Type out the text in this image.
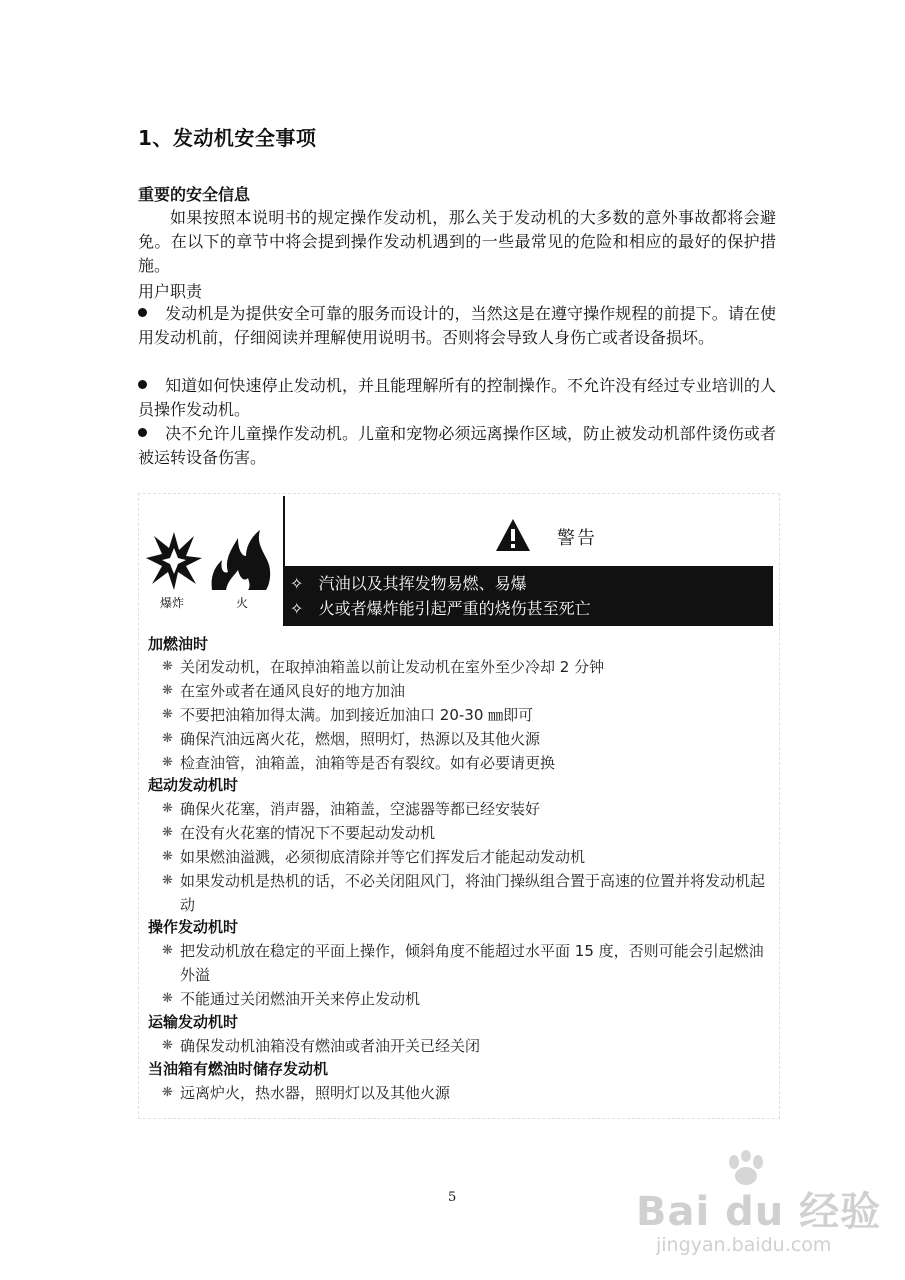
1、发动机安全事项
重要的安全信息
如果按照本说明书的规定操作发动机，那么关于发动机的大多数的意外事故都将会避免。在以下的章节中将会提到操作发动机遇到的一些最常见的危险和相应的最好的保护措施。
用户职责
发动机是为提供安全可靠的服务而设计的，当然这是在遵守操作规程的前提下。请在使用发动机前，仔细阅读并理解使用说明书。否则将会导致人身伤亡或者设备损坏。
知道如何快速停止发动机，并且能理解所有的控制操作。不允许没有经过专业培训的人员操作发动机。
决不允许儿童操作发动机。儿童和宠物必须远离操作区域，防止被发动机部件烫伤或者被运转设备伤害。
爆炸	火
警告
✧ 汽油以及其挥发物易燃、易爆
✧ 火或者爆炸能引起严重的烧伤甚至死亡
加燃油时
❋ 关闭发动机，在取掉油箱盖以前让发动机在室外至少冷却 2 分钟
❋ 在室外或者在通风良好的地方加油
❋ 不要把油箱加得太满。加到接近加油口 20-30 ㎜即可
❋ 确保汽油远离火花，燃烟，照明灯，热源以及其他火源
❋ 检查油管，油箱盖，油箱等是否有裂纹。如有必要请更换
起动发动机时
❋ 确保火花塞，消声器，油箱盖，空滤器等都已经安装好
❋ 在没有火花塞的情况下不要起动发动机
❋ 如果燃油溢溅，必须彻底清除并等它们挥发后才能起动发动机
❋ 如果发动机是热机的话，不必关闭阻风门，将油门操纵组合置于高速的位置并将发动机起动
操作发动机时
❋ 把发动机放在稳定的平面上操作，倾斜角度不能超过水平面 15 度，否则可能会引起燃油外溢
❋ 不能通过关闭燃油开关来停止发动机
运输发动机时
❋ 确保发动机油箱没有燃油或者油开关已经关闭
当油箱有燃油时储存发动机
❋ 远离炉火，热水器，照明灯以及其他火源
5	Bai du 经验
jingyan.baidu.com
